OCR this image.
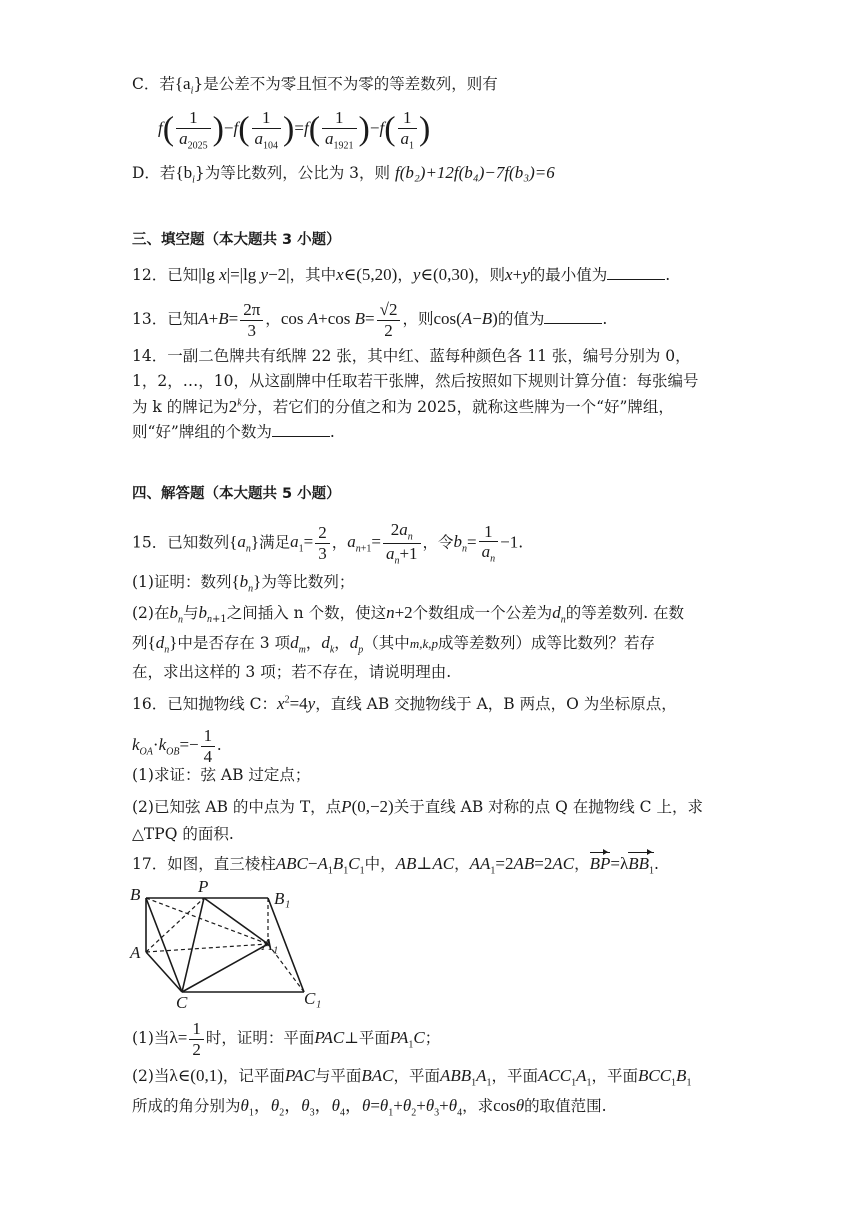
C．若$\{a_i\}$是公差不为零且恒不为零的等差数列，则有
$f( \frac{1}{a_{2025}} )-f( \frac{1}{a_{104}} )=f( \frac{1}{a_{1921}} )-f( \frac{1}{a_1}$ )
D．若$\{b_i\}$为等比数列，公比为 3，则 f(b₂)+12f(b₄)−7f(b₃)=6
三、填空题（本大题共 3 小题）
12．已知|lg x|=|lg y−2|，其中x∈(5,20)，y∈(0,30)，则x+y的最小值为	.
13．已知$A+B= \frac{2\pi}{3}$ ，cos A+cos $B= \frac{√2}{2}$ ，则cos(A−B)的值为	.
14．一副二色牌共有纸牌 22 张，其中红、蓝每种颜色各 11 张，编号分别为 0，
1，2，…，10，从这副牌中任取若干张牌，然后按照如下规则计算分值：每张编号
为 k 的牌记为2$^k$分，若它们的分值之和为 2025，就称这些牌为一个“好”牌组，
则“好”牌组的个数为	.
四、解答题（本大题共 5 小题）
15．已知数列$\{a_n\}$满足$a_1= \frac{2}{3}$ ，$a_{n+1}= \frac{2a_n}{a_n+1}$ ，令$b_n= \frac{1}{a_n} -1$.
(1)证明：数列$\{b_n\}$为等比数列；
(2)在$b_n$与$b_{n+1}$之间插入 n 个数，使这n+2个数组成一个公差为$d_n$的等差数列. 在数
列$\{d_n\}$中是否存在 3 项$d_m$，$d_k$，$d_p$（其中m,k,p成等差数列）成等比数列？若存
在，求出这样的 3 项；若不存在，请说明理由.
16．已知抛物线 C：$x^2=4y$，直线 AB 交抛物线于 A，B 两点，O 为坐标原点，
$k_{OA}\cdot k_{OB}=- \frac{1}{4}$ .
(1)求证：弦 AB 过定点；
(2)已知弦 AB 的中点为 T，点P(0,−2)关于直线 AB 对称的点 Q 在抛物线 C 上，求
△TPQ 的面积.
17．如图，直三棱柱$ABC-A_1B_1C_1$中，AB⊥AC，$AA_1=2AB=2AC$，BP=λBB$_1$.
B	P
B₁
A	A₁
C	C₁
(1)当$\lambda= \frac{1}{2}$ 时，证明：平面PAC⊥平面$PA_1C$；
(2)当λ∈(0,1)，记平面PAC与平面BAC，平面$ABB_1A_1$，平面$ACC_1A_1$，平面$BCC_1B_1$
所成的角分别为$\theta_1$，$\theta_2$，$\theta_3$，$\theta_4$，$\theta=\theta_1+\theta_2+\theta_3+\theta_4$，求cosθ的取值范围.
